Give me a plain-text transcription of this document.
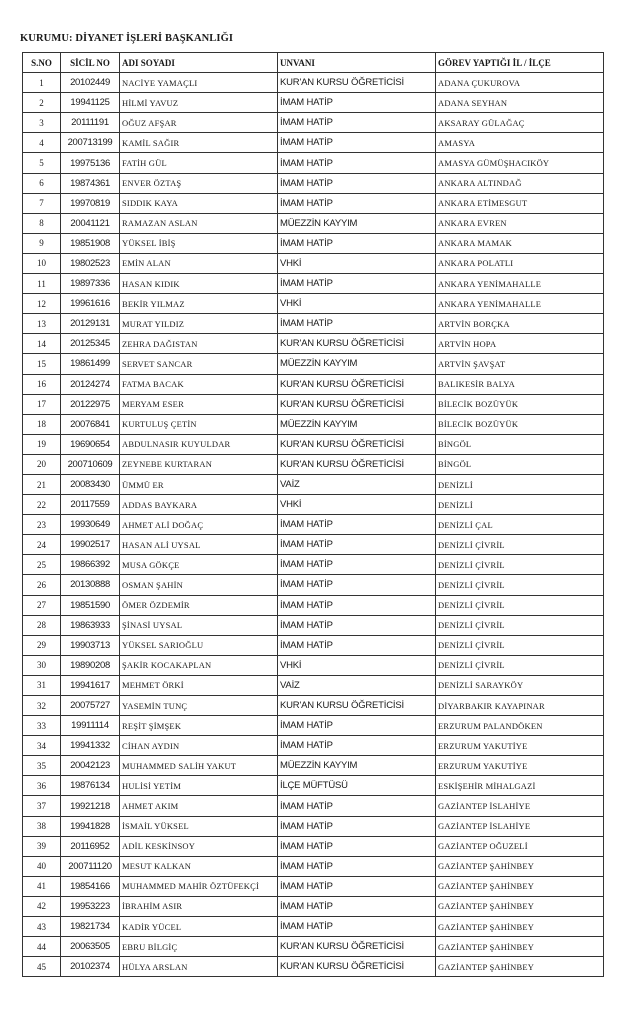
KURUMU: DİYANET İŞLERİ BAŞKANLIĞI
S.NO	SİCİL NO	ADI SOYADI	UNVANI	GÖREV YAPTIĞI İL / İLÇE
1	20102449	NACİYE YAMAÇLI	KUR'AN KURSU ÖĞRETİCİSİ	ADANA ÇUKUROVA
2	19941125	HİLMİ YAVUZ	İMAM HATİP	ADANA SEYHAN
3	20111191	OĞUZ AFŞAR	İMAM HATİP	AKSARAY GÜLAĞAÇ
4	200713199	KAMİL SAĞIR	İMAM HATİP	AMASYA
5	19975136	FATİH GÜL	İMAM HATİP	AMASYA GÜMÜŞHACIKÖY
6	19874361	ENVER ÖZTAŞ	İMAM HATİP	ANKARA ALTINDAĞ
7	19970819	SIDDIK KAYA	İMAM HATİP	ANKARA ETİMESGUT
8	20041121	RAMAZAN ASLAN	MÜEZZİN KAYYIM	ANKARA EVREN
9	19851908	YÜKSEL İBİŞ	İMAM HATİP	ANKARA MAMAK
10	19802523	EMİN ALAN	VHKİ	ANKARA POLATLI
11	19897336	HASAN KIDIK	İMAM HATİP	ANKARA YENİMAHALLE
12	19961616	BEKİR YILMAZ	VHKİ	ANKARA YENİMAHALLE
13	20129131	MURAT YILDIZ	İMAM HATİP	ARTVİN BORÇKA
14	20125345	ZEHRA DAĞISTAN	KUR'AN KURSU ÖĞRETİCİSİ	ARTVİN HOPA
15	19861499	SERVET SANCAR	MÜEZZİN KAYYIM	ARTVİN ŞAVŞAT
16	20124274	FATMA BACAK	KUR'AN KURSU ÖĞRETİCİSİ	BALIKESİR BALYA
17	20122975	MERYAM ESER	KUR'AN KURSU ÖĞRETİCİSİ	BİLECİK BOZÜYÜK
18	20076841	KURTULUŞ ÇETİN	MÜEZZİN KAYYIM	BİLECİK BOZÜYÜK
19	19690654	ABDULNASIR KUYULDAR	KUR'AN KURSU ÖĞRETİCİSİ	BİNGÖL
20	200710609	ZEYNEBE KURTARAN	KUR'AN KURSU ÖĞRETİCİSİ	BİNGÖL
21	20083430	ÜMMÜ ER	VAİZ	DENİZLİ
22	20117559	ADDAS BAYKARA	VHKİ	DENİZLİ
23	19930649	AHMET ALİ DOĞAÇ	İMAM HATİP	DENİZLİ ÇAL
24	19902517	HASAN ALİ UYSAL	İMAM HATİP	DENİZLİ ÇİVRİL
25	19866392	MUSA GÖKÇE	İMAM HATİP	DENİZLİ ÇİVRİL
26	20130888	OSMAN ŞAHİN	İMAM HATİP	DENİZLİ ÇİVRİL
27	19851590	ÖMER ÖZDEMİR	İMAM HATİP	DENİZLİ ÇİVRİL
28	19863933	ŞİNASİ UYSAL	İMAM HATİP	DENİZLİ ÇİVRİL
29	19903713	YÜKSEL SARIOĞLU	İMAM HATİP	DENİZLİ ÇİVRİL
30	19890208	ŞAKİR KOCAKAPLAN	VHKİ	DENİZLİ ÇİVRİL
31	19941617	MEHMET ÖRKİ	VAİZ	DENİZLİ SARAYKÖY
32	20075727	YASEMİN TUNÇ	KUR'AN KURSU ÖĞRETİCİSİ	DİYARBAKIR KAYAPINAR
33	19911114	REŞİT ŞİMŞEK	İMAM HATİP	ERZURUM PALANDÖKEN
34	19941332	CİHAN AYDIN	İMAM HATİP	ERZURUM YAKUTİYE
35	20042123	MUHAMMED SALİH YAKUT	MÜEZZİN KAYYIM	ERZURUM YAKUTİYE
36	19876134	HULİSİ YETİM	İLÇE MÜFTÜSÜ	ESKİŞEHİR MİHALGAZİ
37	19921218	AHMET AKIM	İMAM HATİP	GAZİANTEP İSLAHİYE
38	19941828	İSMAİL YÜKSEL	İMAM HATİP	GAZİANTEP İSLAHİYE
39	20116952	ADİL KESKİNSOY	İMAM HATİP	GAZİANTEP OĞUZELİ
40	200711120	MESUT KALKAN	İMAM HATİP	GAZİANTEP ŞAHİNBEY
41	19854166	MUHAMMED MAHİR ÖZTÜFEKÇİ	İMAM HATİP	GAZİANTEP ŞAHİNBEY
42	19953223	İBRAHİM ASIR	İMAM HATİP	GAZİANTEP ŞAHİNBEY
43	19821734	KADİR YÜCEL	İMAM HATİP	GAZİANTEP ŞAHİNBEY
44	20063505	EBRU BİLGİÇ	KUR'AN KURSU ÖĞRETİCİSİ	GAZİANTEP ŞAHİNBEY
45	20102374	HÜLYA ARSLAN	KUR'AN KURSU ÖĞRETİCİSİ	GAZİANTEP ŞAHİNBEY
